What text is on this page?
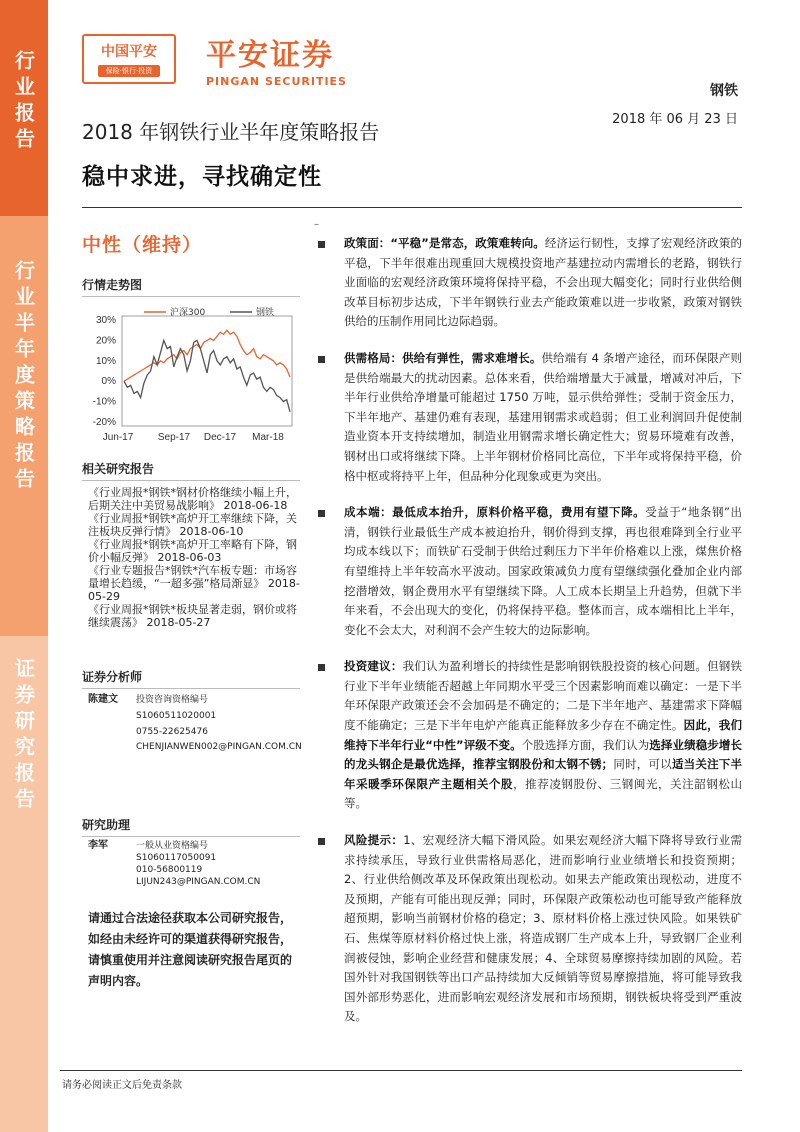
行业报告
行业半年度策略报告
证券研究报告
中国平安
保险·银行·投资 平安证券
PINGAN SECURITIES
钢铁
2018 年 06 月 23 日
2018 年钢铁行业半年度策略报告
稳中求进，寻找确定性
–
中性（维持）
行情走势图
30%
20%
10%
0%
-10%
-20%
Jun-17 Sep-17 Dec-17 Mar-18
沪深300	钢铁
相关研究报告
《行业周报*钢铁*钢材价格继续小幅上升，后期关注中美贸易战影响》 2018-06-18
《行业周报*钢铁*高炉开工率继续下降，关注板块反弹行情》 2018-06-10
《行业周报*钢铁*高炉开工率略有下降，钢价小幅反弹》 2018-06-03
《行业专题报告*钢铁*汽车板专题：市场容量增长趋缓，“一超多强”格局渐显》 2018-05-29
《行业周报*钢铁*板块显著走弱，钢价或将继续震荡》 2018-05-27
证券分析师
陈建文 投资咨询资格编号
S1060511020001
0755-22625476
CHENJIANWEN002@PINGAN.COM.CN
研究助理
李军	一般从业资格编号
S1060117050091
010-56800119
LIJUN243@PINGAN.COM.CN
请通过合法途径获取本公司研究报告，如经由未经许可的渠道获得研究报告，请慎重使用并注意阅读研究报告尾页的声明内容。
政策面：“平稳”是常态，政策难转向。经济运行韧性，支撑了宏观经济政策的平稳，下半年很难出现重回大规模投资地产基建拉动内需增长的老路，钢铁行业面临的宏观经济政策环境将保持平稳，不会出现大幅变化；同时行业供给侧改革目标初步达成，下半年钢铁行业去产能政策难以进一步收紧，政策对钢铁供给的压制作用同比边际趋弱。
供需格局：供给有弹性，需求难增长。供给端有 4 条增产途径，而环保限产则是供给端最大的扰动因素。总体来看，供给端增量大于减量，增减对冲后，下半年行业供给净增量可能超过 1750 万吨，显示供给弹性；受制于资金压力，下半年地产、基建仍难有表现，基建用钢需求或趋弱；但工业利润回升促使制造业资本开支持续增加，制造业用钢需求增长确定性大；贸易环境难有改善，钢材出口或将继续下降。上半年钢材价格同比高位，下半年或将保持平稳，价格中枢或将持平上年，但品种分化现象或更为突出。
成本端：最低成本抬升，原料价格平稳，费用有望下降。受益于“地条钢”出清，钢铁行业最低生产成本被迫抬升，钢价得到支撑，再也很难降到全行业平均成本线以下；而铁矿石受制于供给过剩压力下半年价格难以上涨，煤焦价格有望维持上半年较高水平波动。国家政策减负力度有望继续强化叠加企业内部挖潜增效，钢企费用水平有望继续下降。人工成本长期呈上升趋势，但就下半年来看，不会出现大的变化，仍将保持平稳。整体而言，成本端相比上半年，变化不会太大，对利润不会产生较大的边际影响。
投资建议：我们认为盈利增长的持续性是影响钢铁股投资的核心问题。但钢铁行业下半年业绩能否超越上年同期水平受三个因素影响而难以确定：一是下半年环保限产政策还会不会加码是不确定的；二是下半年地产、基建需求下降幅度不能确定；三是下半年电炉产能真正能释放多少存在不确定性。因此，我们维持下半年行业“中性”评级不变。个股选择方面，我们认为选择业绩稳步增长的龙头钢企是最优选择，推荐宝钢股份和太钢不锈；同时，可以适当关注下半年采暖季环保限产主题相关个股，推荐凌钢股份、三钢闽光，关注韶钢松山等。
风险提示：1、宏观经济大幅下滑风险。如果宏观经济大幅下降将导致行业需求持续承压，导致行业供需格局恶化，进而影响行业业绩增长和投资预期；2、行业供给侧改革及环保政策出现松动。如果去产能政策出现松动，进度不及预期，产能有可能出现反弹；同时，环保限产政策松动也可能导致产能释放超预期，影响当前钢材价格的稳定；3、原材料价格上涨过快风险。如果铁矿石、焦煤等原材料价格过快上涨，将造成钢厂生产成本上升，导致钢厂企业利润被侵蚀，影响企业经营和健康发展；4、全球贸易摩擦持续加剧的风险。若国外针对我国钢铁等出口产品持续加大反倾销等贸易摩擦措施，将可能导致我国外部形势恶化，进而影响宏观经济发展和市场预期，钢铁板块将受到严重波及。
请务必阅读正文后免责条款
